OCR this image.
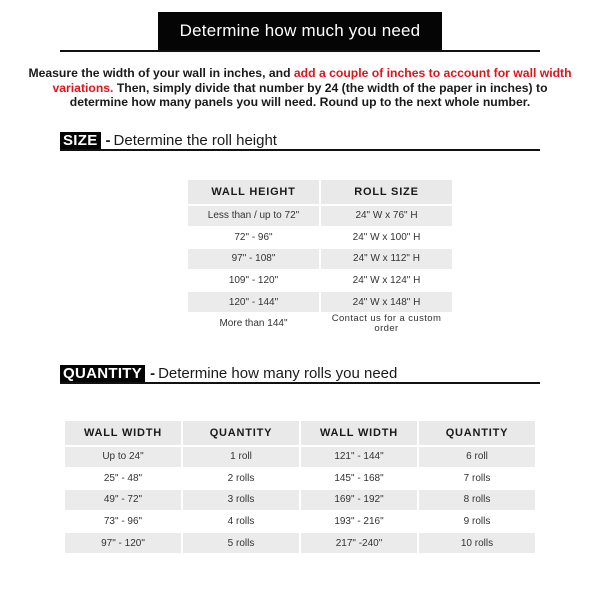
Determine how much you need
Measure the width of your wall in inches, and add a couple of inches to account for wall width variations. Then, simply divide that number by 24 (the width of the paper in inches) to determine how many panels you will need. Round up to the next whole number.
SIZE - Determine the roll height
WALL HEIGHT	ROLL SIZE
Less than / up to 72"	24" W x 76" H
72" - 96"	24" W x 100" H
97" - 108"	24" W x 112" H
109" - 120"	24" W x 124" H
120" - 144"	24" W x 148" H
More than 144"	Contact us for a custom order
QUANTITY - Determine how many rolls you need
WALL WIDTH	QUANTITY	WALL WIDTH	QUANTITY
Up to 24"	1 roll	121" - 144"	6 roll
25" - 48"	2 rolls	145" - 168"	7 rolls
49" - 72"	3 rolls	169" - 192"	8 rolls
73" - 96"	4 rolls	193" - 216"	9 rolls
97" - 120"	5 rolls	217" -240"	10 rolls
